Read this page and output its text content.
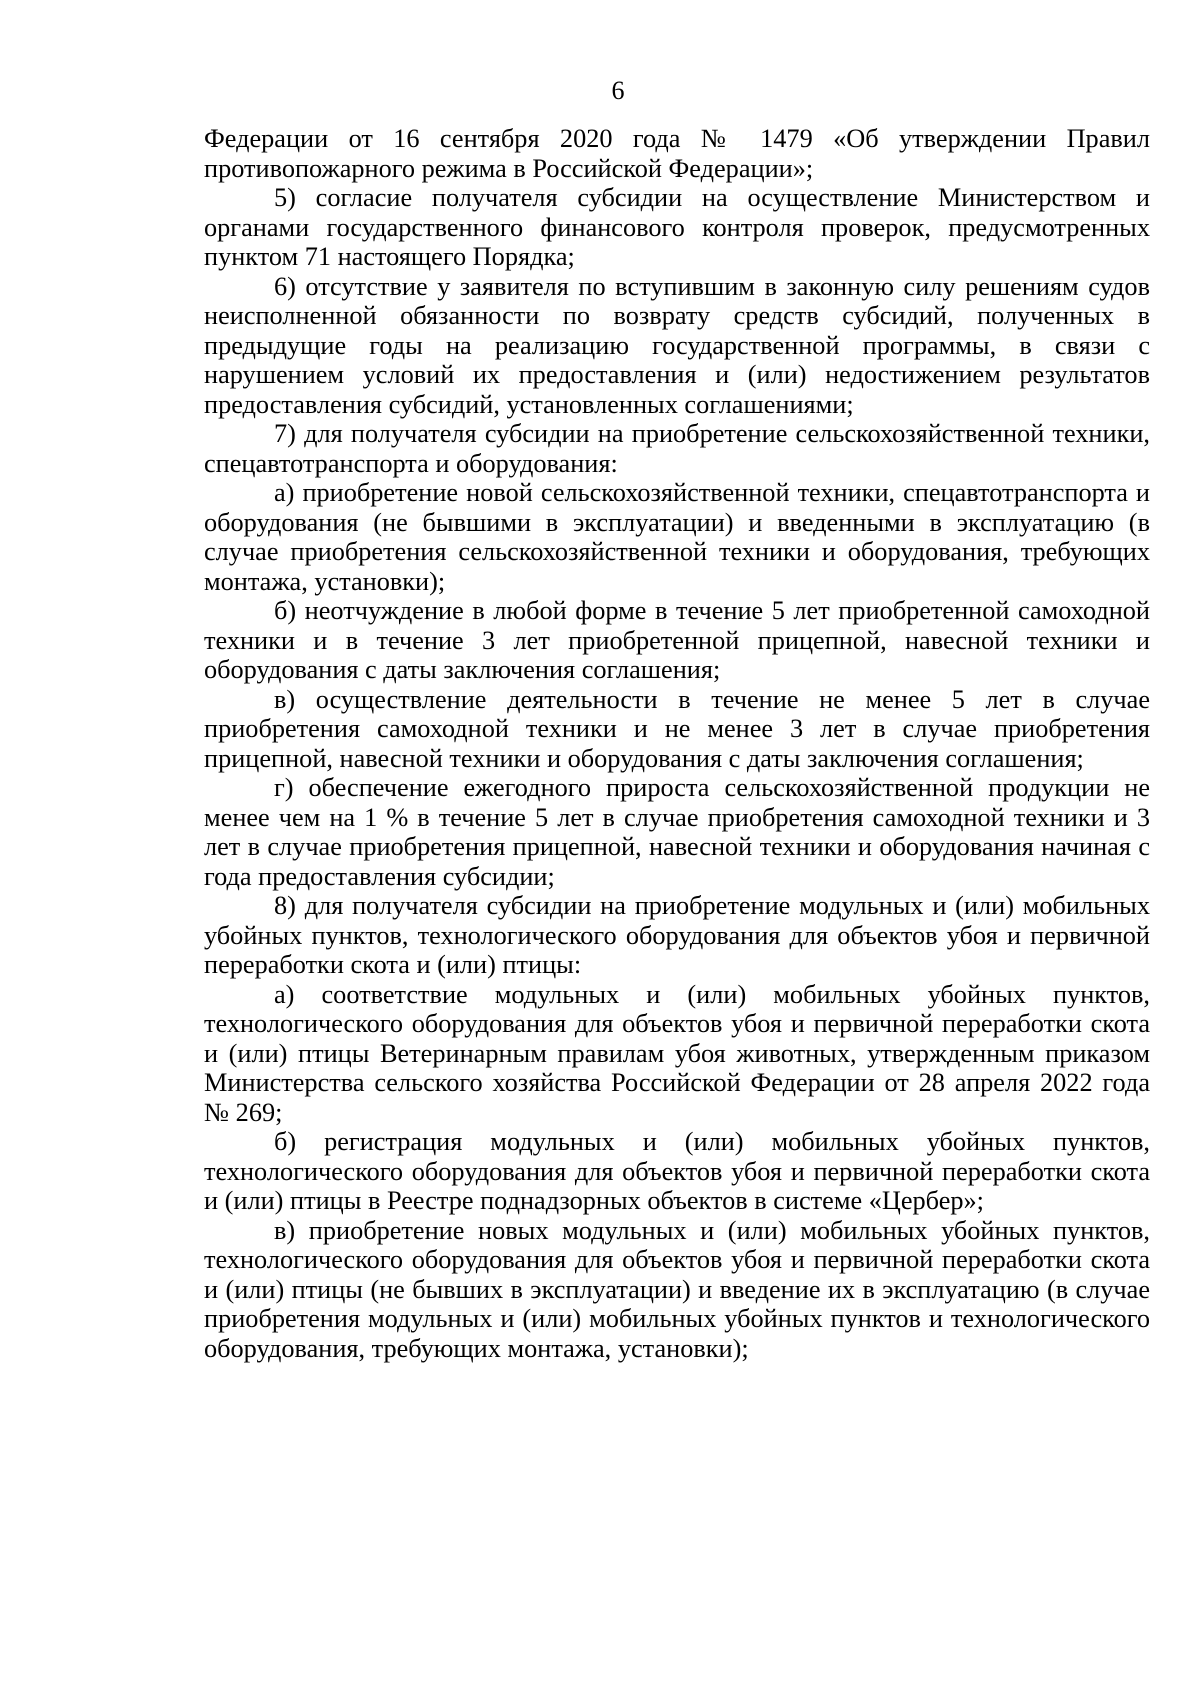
6

Федерации от 16 сентября 2020 года № 1479 «Об утверждении Правил противопожарного режима в Российской Федерации»;

5) согласие получателя субсидии на осуществление Министерством и органами государственного финансового контроля проверок, предусмотренных пунктом 71 настоящего Порядка;

6) отсутствие у заявителя по вступившим в законную силу решениям судов неисполненной обязанности по возврату средств субсидий, полученных в предыдущие годы на реализацию государственной программы, в связи с нарушением условий их предоставления и (или) недостижением результатов предоставления субсидий, установленных соглашениями;

7) для получателя субсидии на приобретение сельскохозяйственной техники, спецавтотранспорта и оборудования:

а) приобретение новой сельскохозяйственной техники, спецавтотранспорта и оборудования (не бывшими в эксплуатации) и введенными в эксплуатацию (в случае приобретения сельскохозяйственной техники и оборудования, требующих монтажа, установки);

б) неотчуждение в любой форме в течение 5 лет приобретенной самоходной техники и в течение 3 лет приобретенной прицепной, навесной техники и оборудования с даты заключения соглашения;

в) осуществление деятельности в течение не менее 5 лет в случае приобретения самоходной техники и не менее 3 лет в случае приобретения прицепной, навесной техники и оборудования с даты заключения соглашения;

г) обеспечение ежегодного прироста сельскохозяйственной продукции не менее чем на 1 % в течение 5 лет в случае приобретения самоходной техники и 3 лет в случае приобретения прицепной, навесной техники и оборудования начиная с года предоставления субсидии;

8) для получателя субсидии на приобретение модульных и (или) мобильных убойных пунктов, технологического оборудования для объектов убоя и первичной переработки скота и (или) птицы:

а) соответствие модульных и (или) мобильных убойных пунктов, технологического оборудования для объектов убоя и первичной переработки скота и (или) птицы Ветеринарным правилам убоя животных, утвержденным приказом Министерства сельского хозяйства Российской Федерации от 28 апреля 2022 года № 269;

б) регистрация модульных и (или) мобильных убойных пунктов, технологического оборудования для объектов убоя и первичной переработки скота и (или) птицы в Реестре поднадзорных объектов в системе «Цербер»;

в) приобретение новых модульных и (или) мобильных убойных пунктов, технологического оборудования для объектов убоя и первичной переработки скота и (или) птицы (не бывших в эксплуатации) и введение их в эксплуатацию (в случае приобретения модульных и (или) мобильных убойных пунктов и технологического оборудования, требующих монтажа, установки);
